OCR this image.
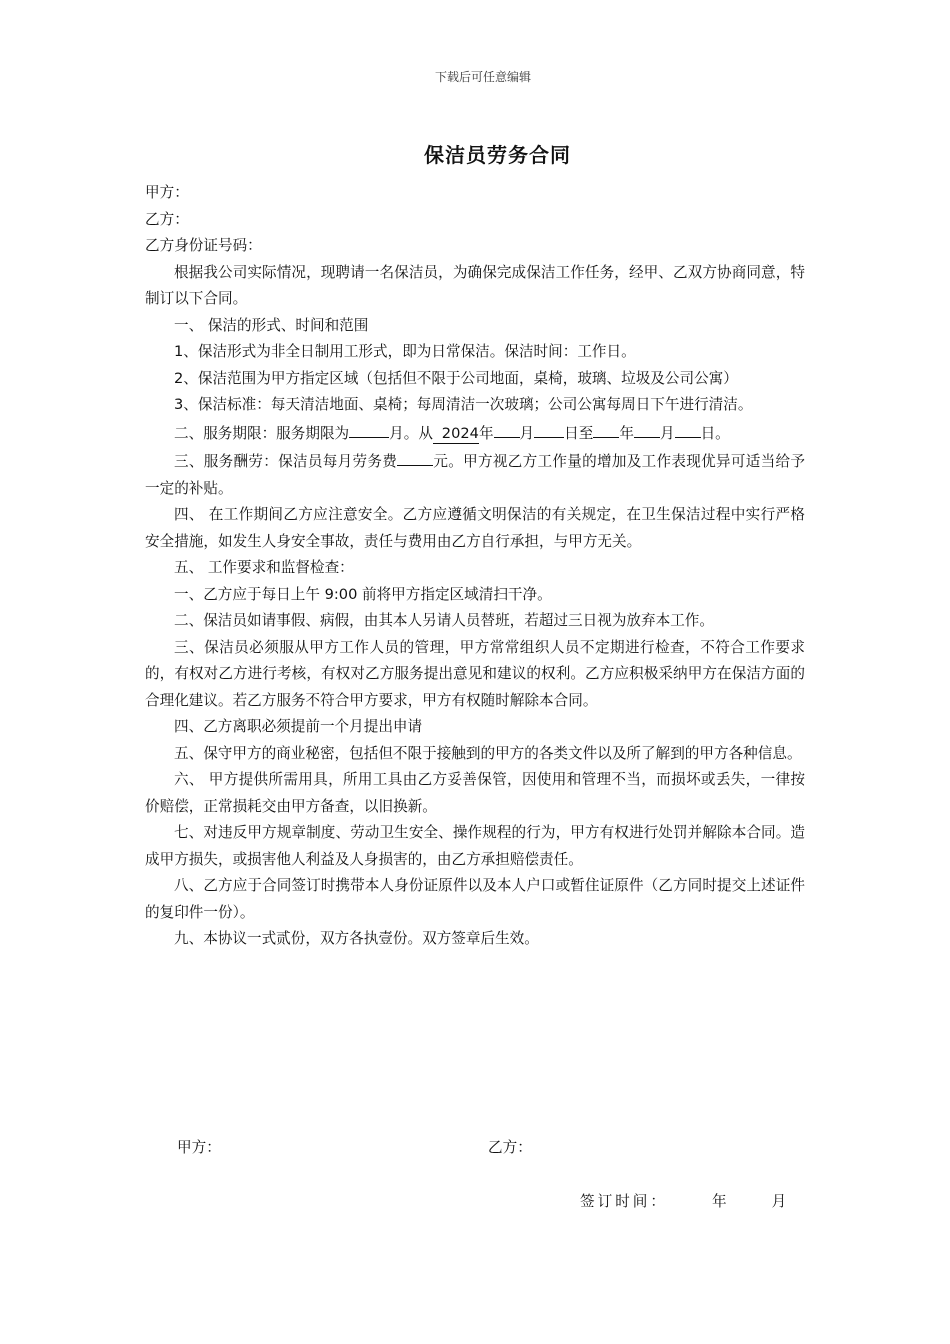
下载后可任意编辑
保洁员劳务合同
甲方：
乙方：
乙方身份证号码：
根据我公司实际情况，现聘请一名保洁员，为确保完成保洁工作任务，经甲、乙双方协商同意，特制订以下合同。
一、 保洁的形式、时间和范围
1、保洁形式为非全日制用工形式，即为日常保洁。保洁时间：工作日。
2、保洁范围为甲方指定区域（包括但不限于公司地面，桌椅，玻璃、垃圾及公司公寓）
3、保洁标准：每天清洁地面、桌椅；每周清洁一次玻璃；公司公寓每周日下午进行清洁。
二、服务期限：服务期限为	月。从 2024年 月 日至 年 月 日。
三、服务酬劳：保洁员每月劳务费 元。甲方视乙方工作量的增加及工作表现优异可适当给予一定的补贴。
四、 在工作期间乙方应注意安全。乙方应遵循文明保洁的有关规定，在卫生保洁过程中实行严格安全措施，如发生人身安全事故，责任与费用由乙方自行承担，与甲方无关。
五、 工作要求和监督检查：
一、乙方应于每日上午 9:00 前将甲方指定区域清扫干净。
二、保洁员如请事假、病假，由其本人另请人员替班，若超过三日视为放弃本工作。
三、保洁员必须服从甲方工作人员的管理，甲方常常组织人员不定期进行检查，不符合工作要求的，有权对乙方进行考核，有权对乙方服务提出意见和建议的权利。乙方应积极采纳甲方在保洁方面的合理化建议。若乙方服务不符合甲方要求，甲方有权随时解除本合同。
四、乙方离职必须提前一个月提出申请
五、保守甲方的商业秘密，包括但不限于接触到的甲方的各类文件以及所了解到的甲方各种信息。
六、 甲方提供所需用具，所用工具由乙方妥善保管，因使用和管理不当，而损坏或丢失，一律按价赔偿，正常损耗交由甲方备查，以旧换新。
七、对违反甲方规章制度、劳动卫生安全、操作规程的行为，甲方有权进行处罚并解除本合同。造成甲方损失，或损害他人利益及人身损害的，由乙方承担赔偿责任。
八、乙方应于合同签订时携带本人身份证原件以及本人户口或暂住证原件（乙方同时提交上述证件的复印件一份）。
九、本协议一式贰份，双方各执壹份。双方签章后生效。
甲方：	乙方：
签订时间：	年	月
